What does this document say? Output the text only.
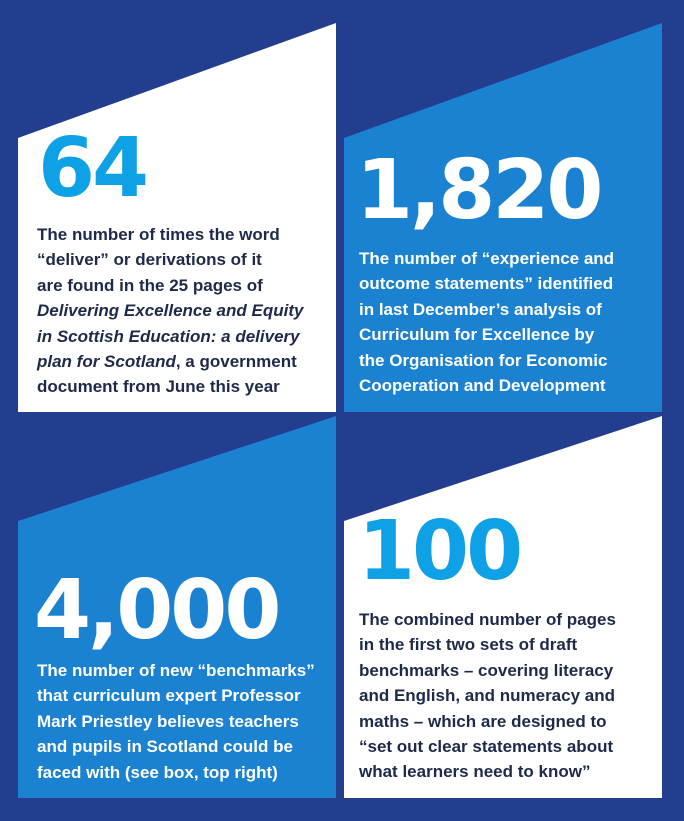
64
The number of times the word
“deliver” or derivations of it
are found in the 25 pages of
Delivering Excellence and Equity
in Scottish Education: a delivery
plan for Scotland, a government
document from June this year
1,820
The number of “experience and
outcome statements” identified
in last December’s analysis of
Curriculum for Excellence by
the Organisation for Economic
Cooperation and Development
4,000
The number of new “benchmarks”
that curriculum expert Professor
Mark Priestley believes teachers
and pupils in Scotland could be
faced with (see box, top right)
100
The combined number of pages
in the first two sets of draft
benchmarks – covering literacy
and English, and numeracy and
maths – which are designed to
“set out clear statements about
what learners need to know”
